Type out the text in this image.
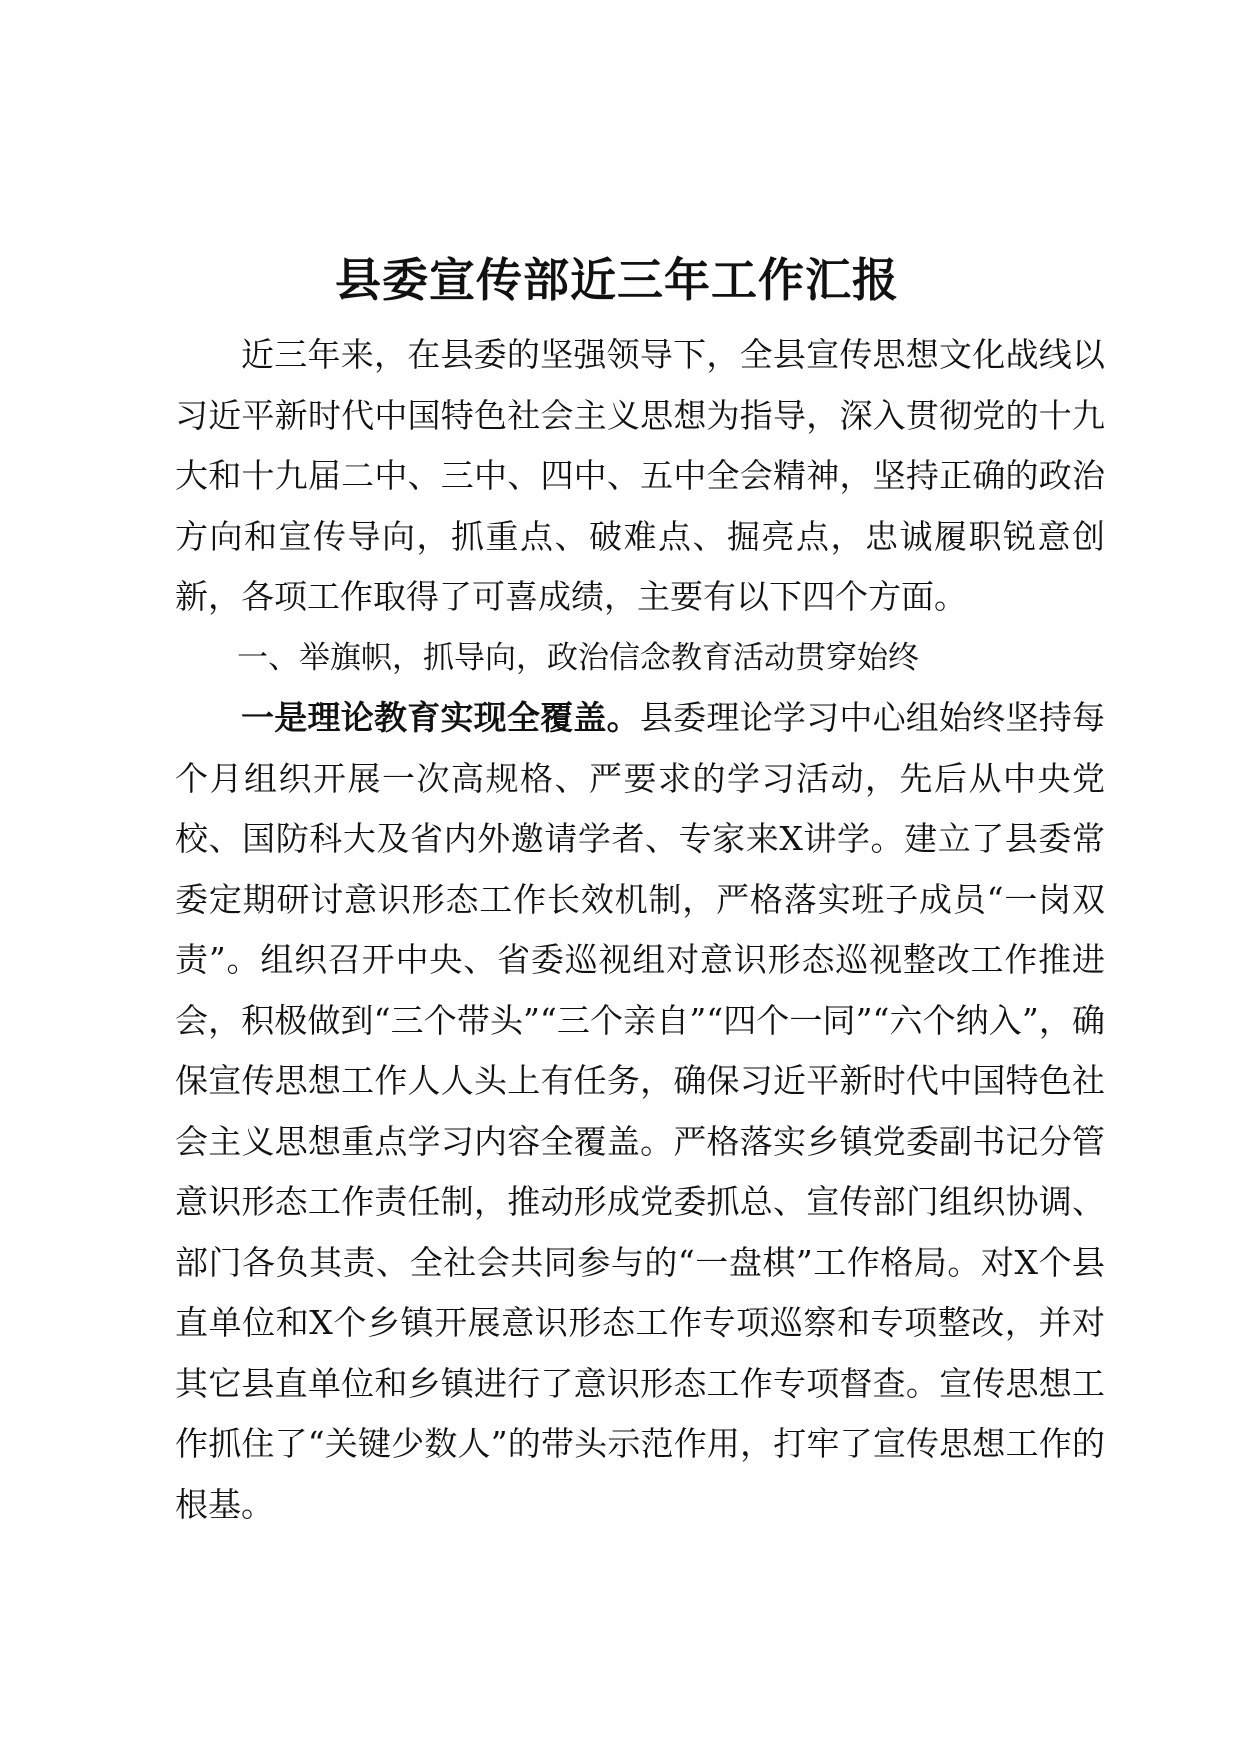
县委宣传部近三年工作汇报

近三年来，在县委的坚强领导下，全县宣传思想文化战线以习近平新时代中国特色社会主义思想为指导，深入贯彻党的十九大和十九届二中、三中、四中、五中全会精神，坚持正确的政治方向和宣传导向，抓重点、破难点、掘亮点，忠诚履职锐意创新，各项工作取得了可喜成绩，主要有以下四个方面。

一、举旗帜，抓导向，政治信念教育活动贯穿始终

一是理论教育实现全覆盖。县委理论学习中心组始终坚持每个月组织开展一次高规格、严要求的学习活动，先后从中央党校、国防科大及省内外邀请学者、专家来X讲学。建立了县委常委定期研讨意识形态工作长效机制，严格落实班子成员“一岗双责”。组织召开中央、省委巡视组对意识形态巡视整改工作推进会，积极做到“三个带头”“三个亲自”“四个一同”“六个纳入”，确保宣传思想工作人人头上有任务，确保习近平新时代中国特色社会主义思想重点学习内容全覆盖。严格落实乡镇党委副书记分管意识形态工作责任制，推动形成党委抓总、宣传部门组织协调、部门各负其责、全社会共同参与的“一盘棋”工作格局。对X个县直单位和X个乡镇开展意识形态工作专项巡察和专项整改，并对其它县直单位和乡镇进行了意识形态工作专项督查。宣传思想工作抓住了“关键少数人”的带头示范作用，打牢了宣传思想工作的根基。
